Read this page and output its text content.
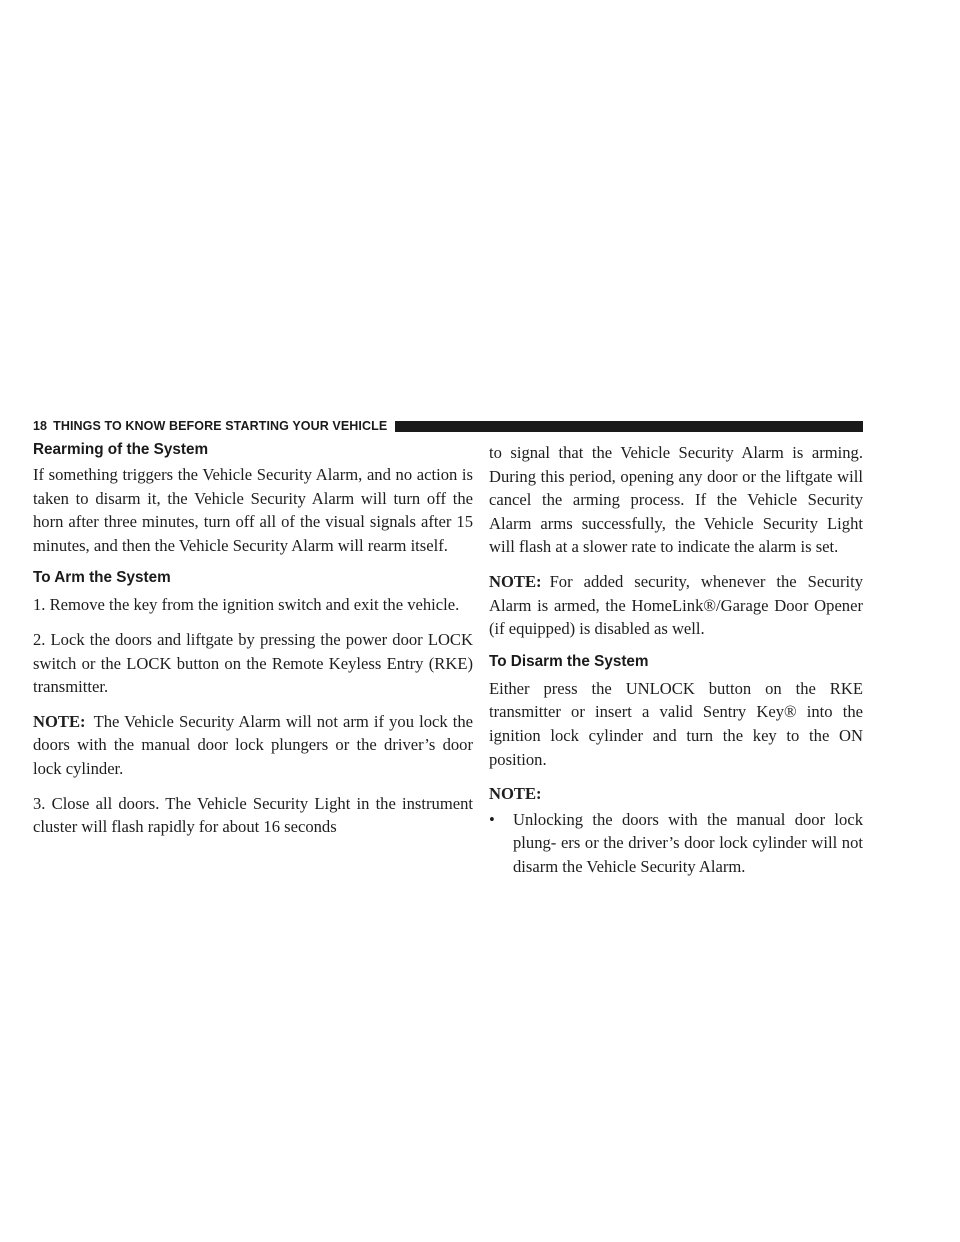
18 THINGS TO KNOW BEFORE STARTING YOUR VEHICLE
Rearming of the System

If something triggers the Vehicle Security Alarm, and no action is taken to disarm it, the Vehicle Security Alarm will turn off the horn after three minutes, turn off all of the visual signals after 15 minutes, and then the Vehicle Security Alarm will rearm itself.

To Arm the System

1. Remove the key from the ignition switch and exit the vehicle.

2. Lock the doors and liftgate by pressing the power door LOCK switch or the LOCK button on the Remote Keyless Entry (RKE) transmitter.

NOTE: The Vehicle Security Alarm will not arm if you lock the doors with the manual door lock plungers or the driver’s door lock cylinder.

3. Close all doors. The Vehicle Security Light in the instrument cluster will flash rapidly for about 16 seconds

to signal that the Vehicle Security Alarm is arming. During this period, opening any door or the liftgate will cancel the arming process. If the Vehicle Security Alarm arms successfully, the Vehicle Security Light will flash at a slower rate to indicate the alarm is set.

NOTE: For added security, whenever the Security Alarm is armed, the HomeLink®/Garage Door Opener (if equipped) is disabled as well.

To Disarm the System

Either press the UNLOCK button on the RKE transmitter or insert a valid Sentry Key® into the ignition lock cylinder and turn the key to the ON position.

NOTE:
•	Unlocking the doors with the manual door lock plung- ers or the driver’s door lock cylinder will not disarm the Vehicle Security Alarm.
